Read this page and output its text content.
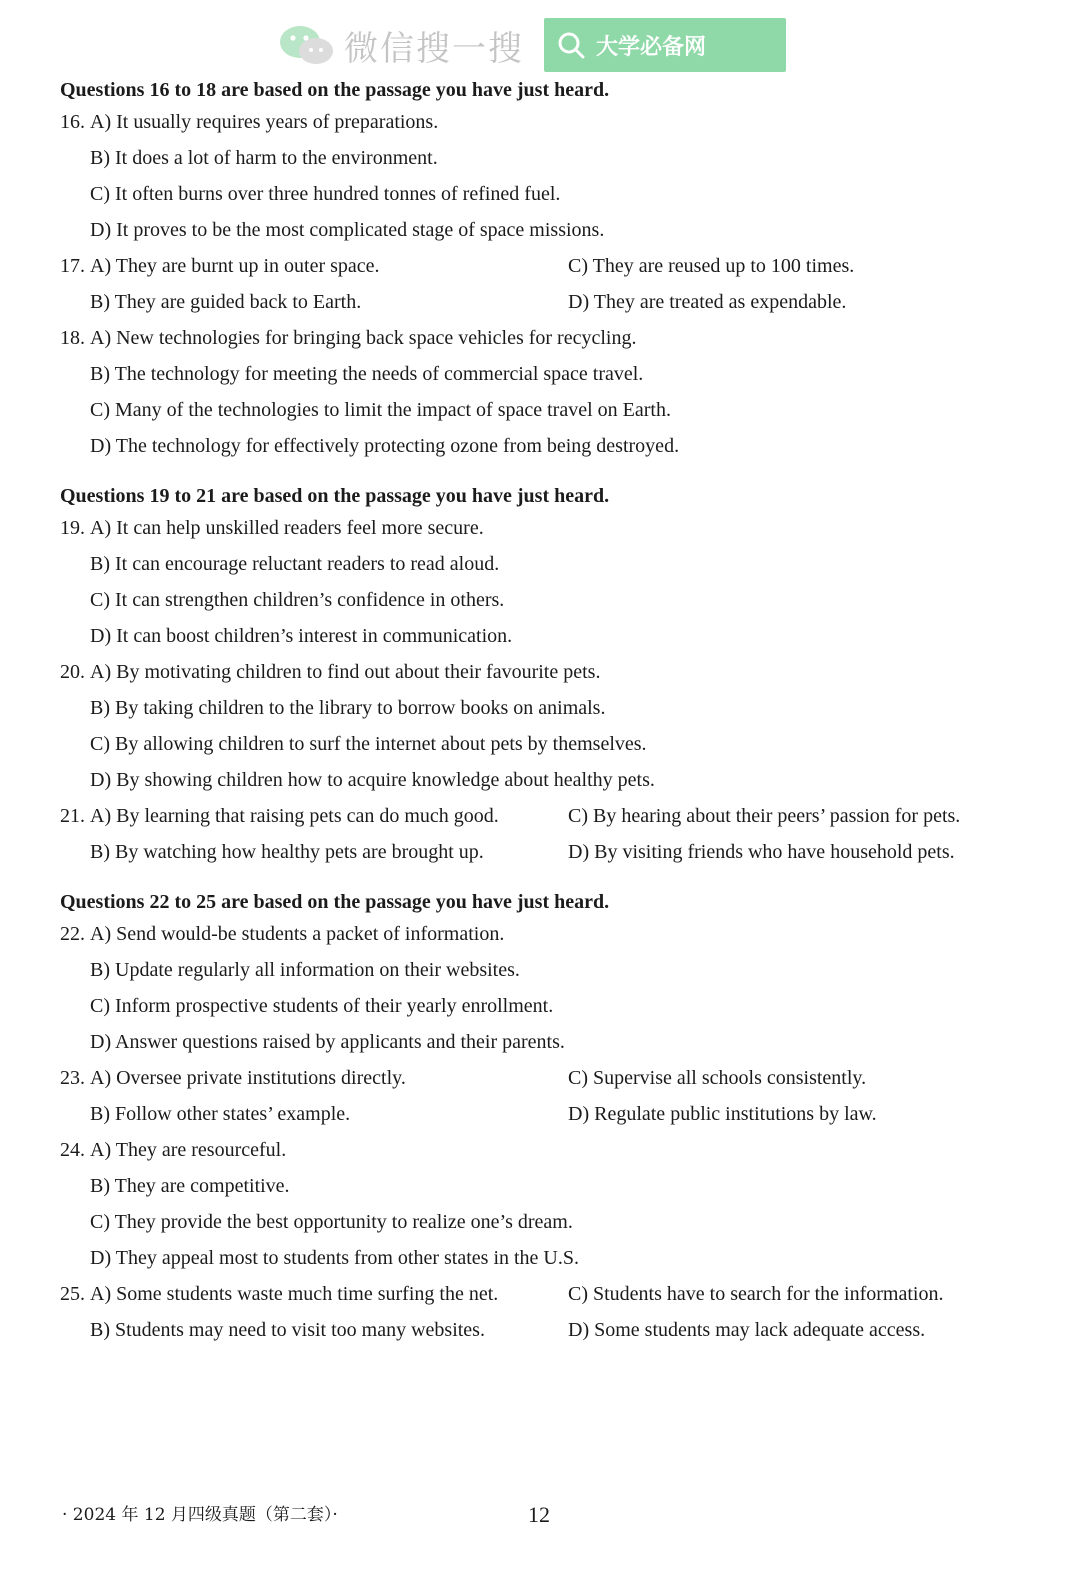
微信搜一搜	大学必备网
Questions 16 to 18 are based on the passage you have just heard.
16. A) It usually requires years of preparations.
B) It does a lot of harm to the environment.
C) It often burns over three hundred tonnes of refined fuel.
D) It proves to be the most complicated stage of space missions.
17. A) They are burnt up in outer space.	C) They are reused up to 100 times.
B) They are guided back to Earth.	D) They are treated as expendable.
18. A) New technologies for bringing back space vehicles for recycling.
B) The technology for meeting the needs of commercial space travel.
C) Many of the technologies to limit the impact of space travel on Earth.
D) The technology for effectively protecting ozone from being destroyed.
Questions 19 to 21 are based on the passage you have just heard.
19. A) It can help unskilled readers feel more secure.
B) It can encourage reluctant readers to read aloud.
C) It can strengthen children’s confidence in others.
D) It can boost children’s interest in communication.
20. A) By motivating children to find out about their favourite pets.
B) By taking children to the library to borrow books on animals.
C) By allowing children to surf the internet about pets by themselves.
D) By showing children how to acquire knowledge about healthy pets.
21. A) By learning that raising pets can do much good.	C) By hearing about their peers’ passion for pets.
B) By watching how healthy pets are brought up.	D) By visiting friends who have household pets.
Questions 22 to 25 are based on the passage you have just heard.
22. A) Send would-be students a packet of information.
B) Update regularly all information on their websites.
C) Inform prospective students of their yearly enrollment.
D) Answer questions raised by applicants and their parents.
23. A) Oversee private institutions directly.	C) Supervise all schools consistently.
B) Follow other states’ example.	D) Regulate public institutions by law.
24. A) They are resourceful.
B) They are competitive.
C) They provide the best opportunity to realize one’s dream.
D) They appeal most to students from other states in the U.S.
25. A) Some students waste much time surfing the net.	C) Students have to search for the information.
B) Students may need to visit too many websites.	D) Some students may lack adequate access.
· 2024 年 12 月四级真题（第二套）·	12
